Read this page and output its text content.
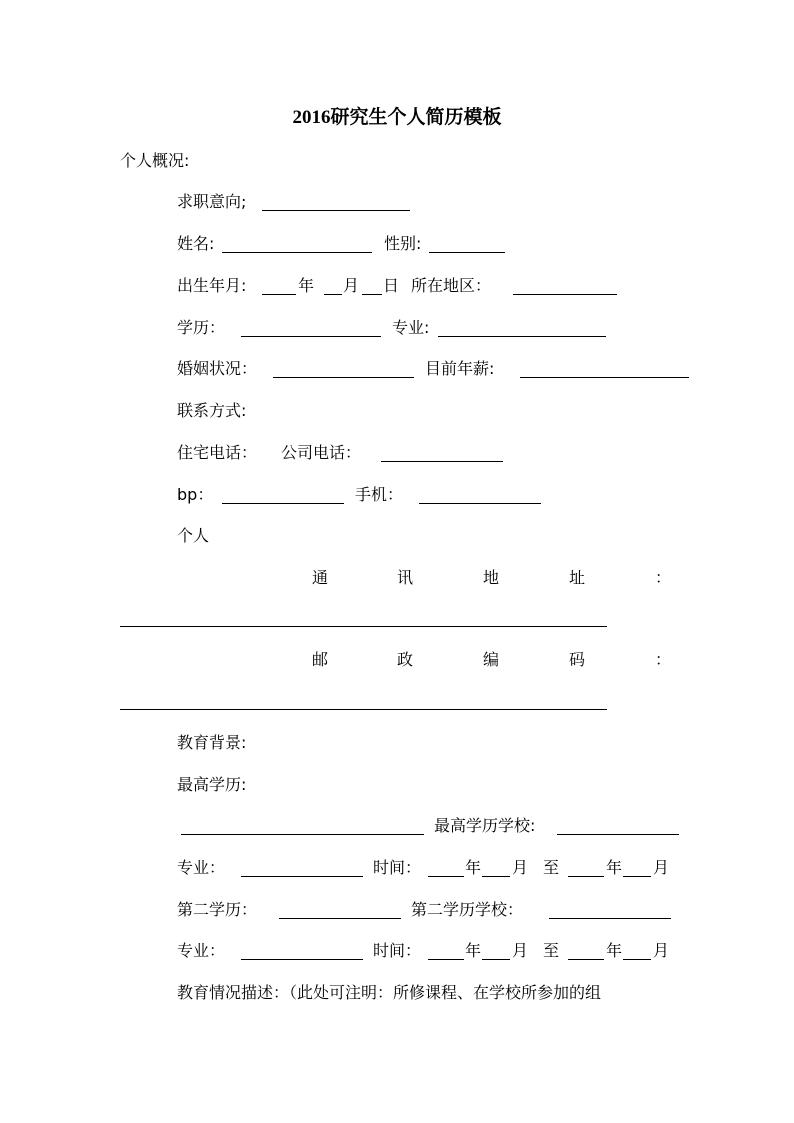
2016研究生个人简历模板
个人概况:
求职意向;
姓名:	性别:
出生年月:	年 月 日 所在地区：
学历：	专业:
婚姻状况：	目前年薪:
联系方式:
住宅电话： 公司电话：
bp：	手机：
个人
通	讯	地	址	：
邮	政	编	码	：
教育背景:
最高学历:
最高学历学校:
专业：	时间：	年 月 至	年 月
第二学历：	第二学历学校：
专业：	时间：	年 月 至	年 月
教育情况描述：（此处可注明：所修课程、在学校所参加的组
